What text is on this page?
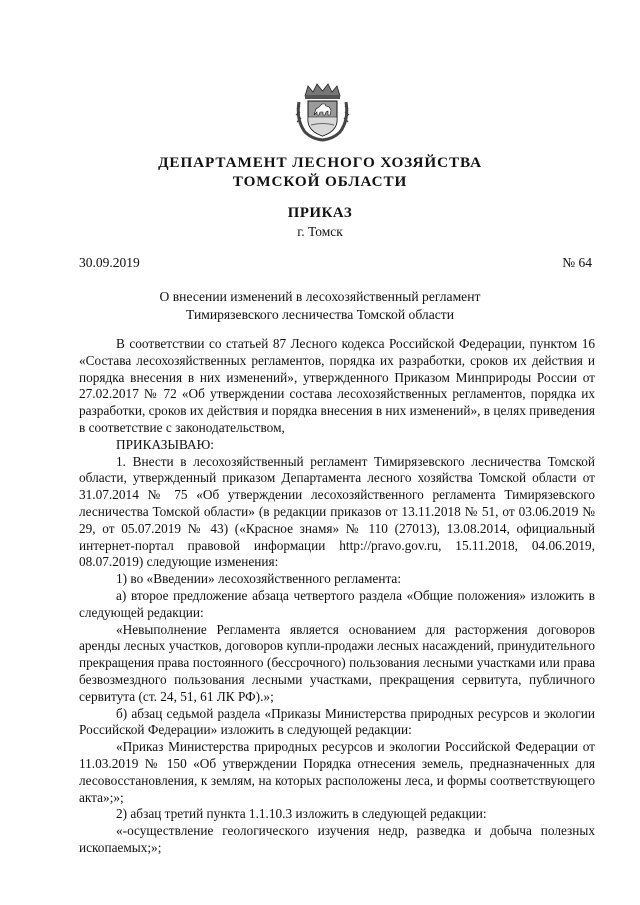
ДЕПАРТАМЕНТ ЛЕСНОГО ХОЗЯЙСТВА
ТОМСКОЙ ОБЛАСТИ
ПРИКАЗ
г. Томск
30.09.2019	№ 64
О внесении изменений в лесохозяйственный регламент
Тимирязевского лесничества Томской области

В соответствии со статьей 87 Лесного кодекса Российской Федерации, пунктом 16 «Состава лесохозяйственных регламентов, порядка их разработки, сроков их действия и порядка внесения в них изменений», утвержденного Приказом Минприроды России от 27.02.2017 № 72 «Об утверждении состава лесохозяйственных регламентов, порядка их разработки, сроков их действия и порядка внесения в них изменений», в целях приведения в соответствие с законодательством,

ПРИКАЗЫВАЮ:

1. Внести в лесохозяйственный регламент Тимирязевского лесничества Томской области, утвержденный приказом Департамента лесного хозяйства Томской области от 31.07.2014 № 75 «Об утверждении лесохозяйственного регламента Тимирязевского лесничества Томской области» (в редакции приказов от 13.11.2018 № 51, от 03.06.2019 № 29, от 05.07.2019 № 43) («Красное знамя» № 110 (27013), 13.08.2014, официальный интернет-портал правовой информации http://pravo.gov.ru, 15.11.2018, 04.06.2019, 08.07.2019) следующие изменения:

1) во «Введении» лесохозяйственного регламента:

а) второе предложение абзаца четвертого раздела «Общие положения» изложить в следующей редакции:

«Невыполнение Регламента является основанием для расторжения договоров аренды лесных участков, договоров купли-продажи лесных насаждений, принудительного прекращения права постоянного (бессрочного) пользования лесными участками или права безвозмездного пользования лесными участками, прекращения сервитута, публичного сервитута (ст. 24, 51, 61 ЛК РФ).»;

б) абзац седьмой раздела «Приказы Министерства природных ресурсов и экологии Российской Федерации» изложить в следующей редакции:

«Приказ Министерства природных ресурсов и экологии Российской Федерации от 11.03.2019 № 150 «Об утверждении Порядка отнесения земель, предназначенных для лесовосстановления, к землям, на которых расположены леса, и формы соответствующего акта»;»;

2) абзац третий пункта 1.1.10.3 изложить в следующей редакции:

«-осуществление геологического изучения недр, разведка и добыча полезных ископаемых;»;
